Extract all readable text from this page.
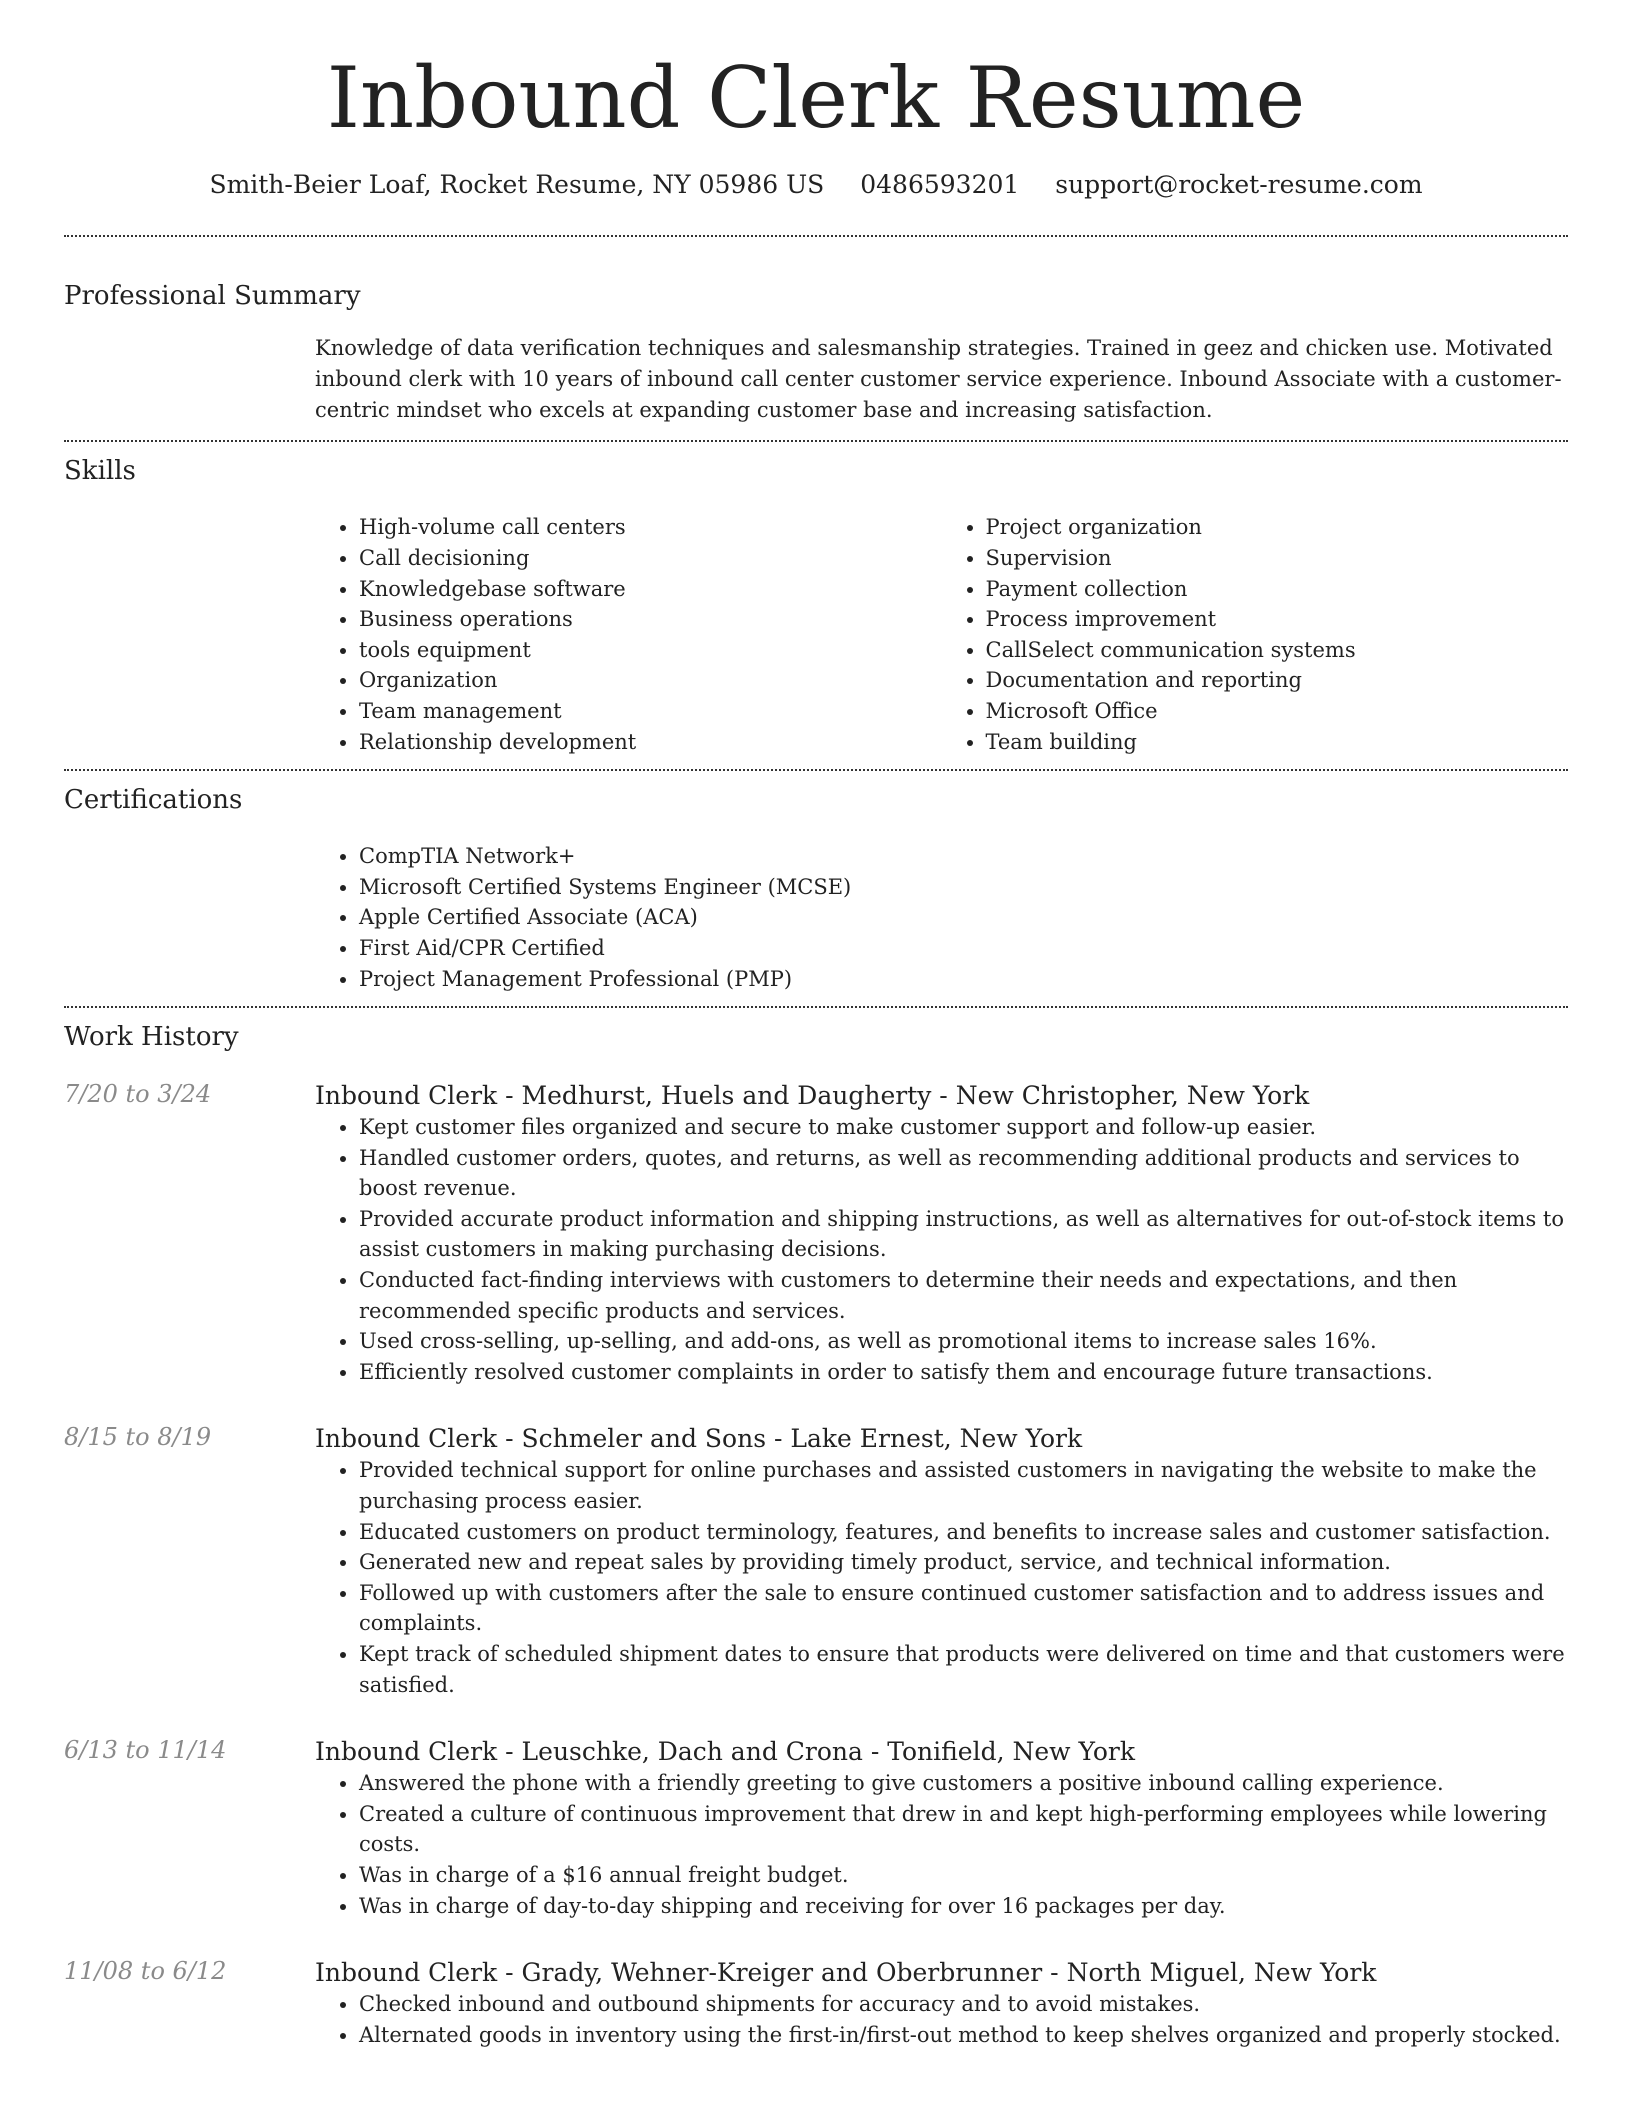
Inbound Clerk Resume
Smith-Beier Loaf, Rocket Resume, NY 05986 US 0486593201 support@rocket-resume.com
Professional Summary
Knowledge of data verification techniques and salesmanship strategies. Trained in geez and chicken use. Motivated inbound clerk with 10 years of inbound call center customer service experience. Inbound Associate with a customer-centric mindset who excels at expanding customer base and increasing satisfaction.
Skills
• High-volume call centers
• Call decisioning
• Knowledgebase software
• Business operations
• tools equipment
• Organization
• Team management
• Relationship development
• Project organization
• Supervision
• Payment collection
• Process improvement
• CallSelect communication systems
• Documentation and reporting
• Microsoft Office
• Team building
Certifications
• CompTIA Network+
• Microsoft Certified Systems Engineer (MCSE)
• Apple Certified Associate (ACA)
• First Aid/CPR Certified
• Project Management Professional (PMP)
Work History
7/20 to 3/24	Inbound Clerk - Medhurst, Huels and Daugherty - New Christopher, New York
• Kept customer files organized and secure to make customer support and follow-up easier.
• Handled customer orders, quotes, and returns, as well as recommending additional products and services to boost revenue.
• Provided accurate product information and shipping instructions, as well as alternatives for out-of-stock items to assist customers in making purchasing decisions.
• Conducted fact-finding interviews with customers to determine their needs and expectations, and then recommended specific products and services.
• Used cross-selling, up-selling, and add-ons, as well as promotional items to increase sales 16%.
• Efficiently resolved customer complaints in order to satisfy them and encourage future transactions.
8/15 to 8/19	Inbound Clerk - Schmeler and Sons - Lake Ernest, New York
• Provided technical support for online purchases and assisted customers in navigating the website to make the purchasing process easier.
• Educated customers on product terminology, features, and benefits to increase sales and customer satisfaction.
• Generated new and repeat sales by providing timely product, service, and technical information.
• Followed up with customers after the sale to ensure continued customer satisfaction and to address issues and complaints.
• Kept track of scheduled shipment dates to ensure that products were delivered on time and that customers were satisfied.
6/13 to 11/14	Inbound Clerk - Leuschke, Dach and Crona - Tonifield, New York
• Answered the phone with a friendly greeting to give customers a positive inbound calling experience.
• Created a culture of continuous improvement that drew in and kept high-performing employees while lowering costs.
• Was in charge of a $16 annual freight budget.
• Was in charge of day-to-day shipping and receiving for over 16 packages per day.
11/08 to 6/12	Inbound Clerk - Grady, Wehner-Kreiger and Oberbrunner - North Miguel, New York
• Checked inbound and outbound shipments for accuracy and to avoid mistakes.
• Alternated goods in inventory using the first-in/first-out method to keep shelves organized and properly stocked.
